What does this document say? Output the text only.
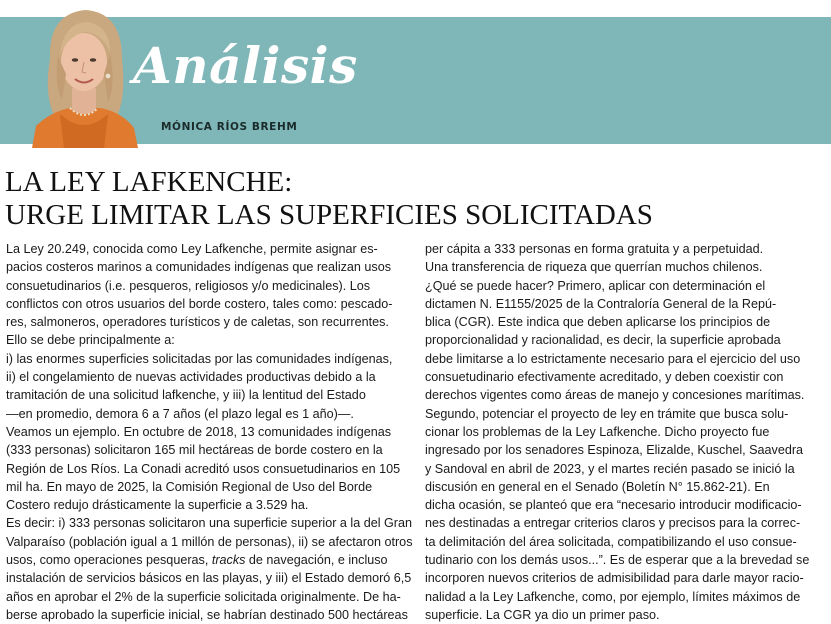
Análisis
MÓNICA RÍOS BREHM
LA LEY LAFKENCHE:
URGE LIMITAR LAS SUPERFICIES SOLICITADAS
La Ley 20.249, conocida como Ley Lafkenche, permite asignar es-
pacios costeros marinos a comunidades indígenas que realizan usos
consuetudinarios (i.e. pesqueros, religiosos y/o medicinales). Los
conflictos con otros usuarios del borde costero, tales como: pescado-
res, salmoneros, operadores turísticos y de caletas, son recurrentes.
Ello se debe principalmente a:
i) las enormes superficies solicitadas por las comunidades indígenas,
ii) el congelamiento de nuevas actividades productivas debido a la
tramitación de una solicitud lafkenche, y iii) la lentitud del Estado
—en promedio, demora 6 a 7 años (el plazo legal es 1 año)—.
Veamos un ejemplo. En octubre de 2018, 13 comunidades indígenas
(333 personas) solicitaron 165 mil hectáreas de borde costero en la
Región de Los Ríos. La Conadi acreditó usos consuetudinarios en 105
mil ha. En mayo de 2025, la Comisión Regional de Uso del Borde
Costero redujo drásticamente la superficie a 3.529 ha.
Es decir: i) 333 personas solicitaron una superficie superior a la del Gran
Valparaíso (población igual a 1 millón de personas), ii) se afectaron otros
usos, como operaciones pesqueras, tracks de navegación, e incluso
instalación de servicios básicos en las playas, y iii) el Estado demoró 6,5
años en aprobar el 2% de la superficie solicitada originalmente. De ha-
berse aprobado la superficie inicial, se habrían destinado 500 hectáreas
per cápita a 333 personas en forma gratuita y a perpetuidad.
Una transferencia de riqueza que querrían muchos chilenos.
¿Qué se puede hacer? Primero, aplicar con determinación el
dictamen N. E1155/2025 de la Contraloría General de la Repú-
blica (CGR). Este indica que deben aplicarse los principios de
proporcionalidad y racionalidad, es decir, la superficie aprobada
debe limitarse a lo estrictamente necesario para el ejercicio del uso
consuetudinario efectivamente acreditado, y deben coexistir con
derechos vigentes como áreas de manejo y concesiones marítimas.
Segundo, potenciar el proyecto de ley en trámite que busca solu-
cionar los problemas de la Ley Lafkenche. Dicho proyecto fue
ingresado por los senadores Espinoza, Elizalde, Kuschel, Saavedra
y Sandoval en abril de 2023, y el martes recién pasado se inició la
discusión en general en el Senado (Boletín N° 15.862-21). En
dicha ocasión, se planteó que era “necesario introducir modificacio-
nes destinadas a entregar criterios claros y precisos para la correc-
ta delimitación del área solicitada, compatibilizando el uso consue-
tudinario con los demás usos...”. Es de esperar que a la brevedad se
incorporen nuevos criterios de admisibilidad para darle mayor racio-
nalidad a la Ley Lafkenche, como, por ejemplo, límites máximos de
superficie. La CGR ya dio un primer paso.
